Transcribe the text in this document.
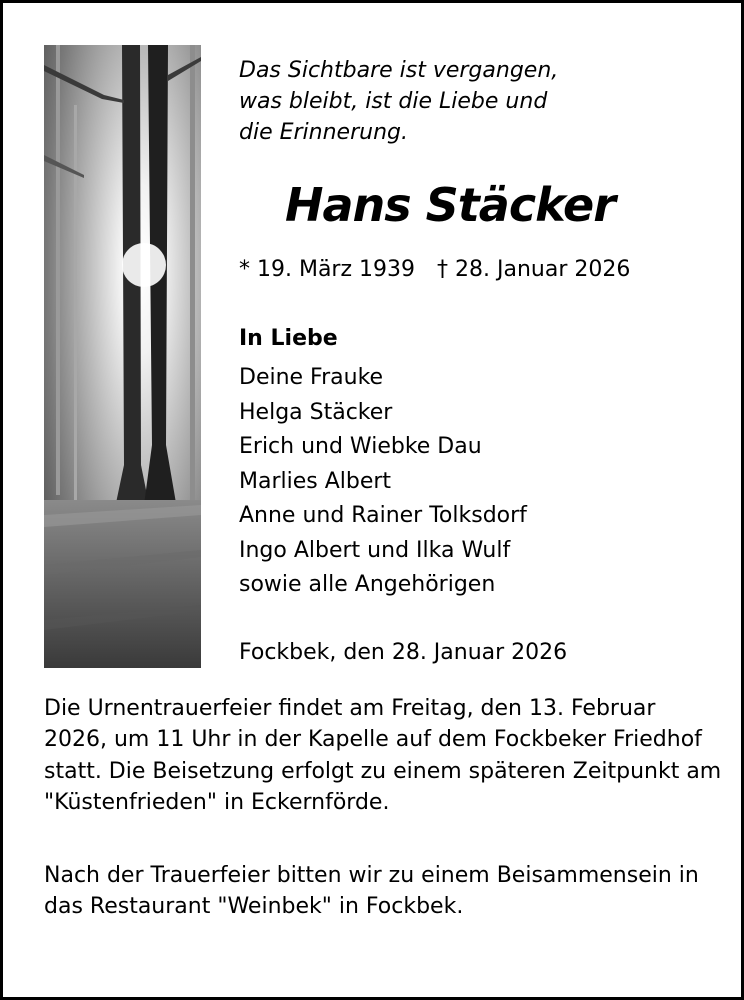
Das Sichtbare ist vergangen,
was bleibt, ist die Liebe und
die Erinnerung.
Hans Stäcker
* 19. März 1939 † 28. Januar 2026
In Liebe
Deine Frauke
Helga Stäcker
Erich und Wiebke Dau
Marlies Albert
Anne und Rainer Tolksdorf
Ingo Albert und Ilka Wulf
sowie alle Angehörigen
Fockbek, den 28. Januar 2026
Die Urnentrauerfeier findet am Freitag, den 13. Februar 2026, um 11 Uhr in der Kapelle auf dem Fockbeker Friedhof statt. Die Beisetzung erfolgt zu einem späteren Zeitpunkt am "Küstenfrieden" in Eckernförde.
Nach der Trauerfeier bitten wir zu einem Beisammensein in das Restaurant "Weinbek" in Fockbek.
